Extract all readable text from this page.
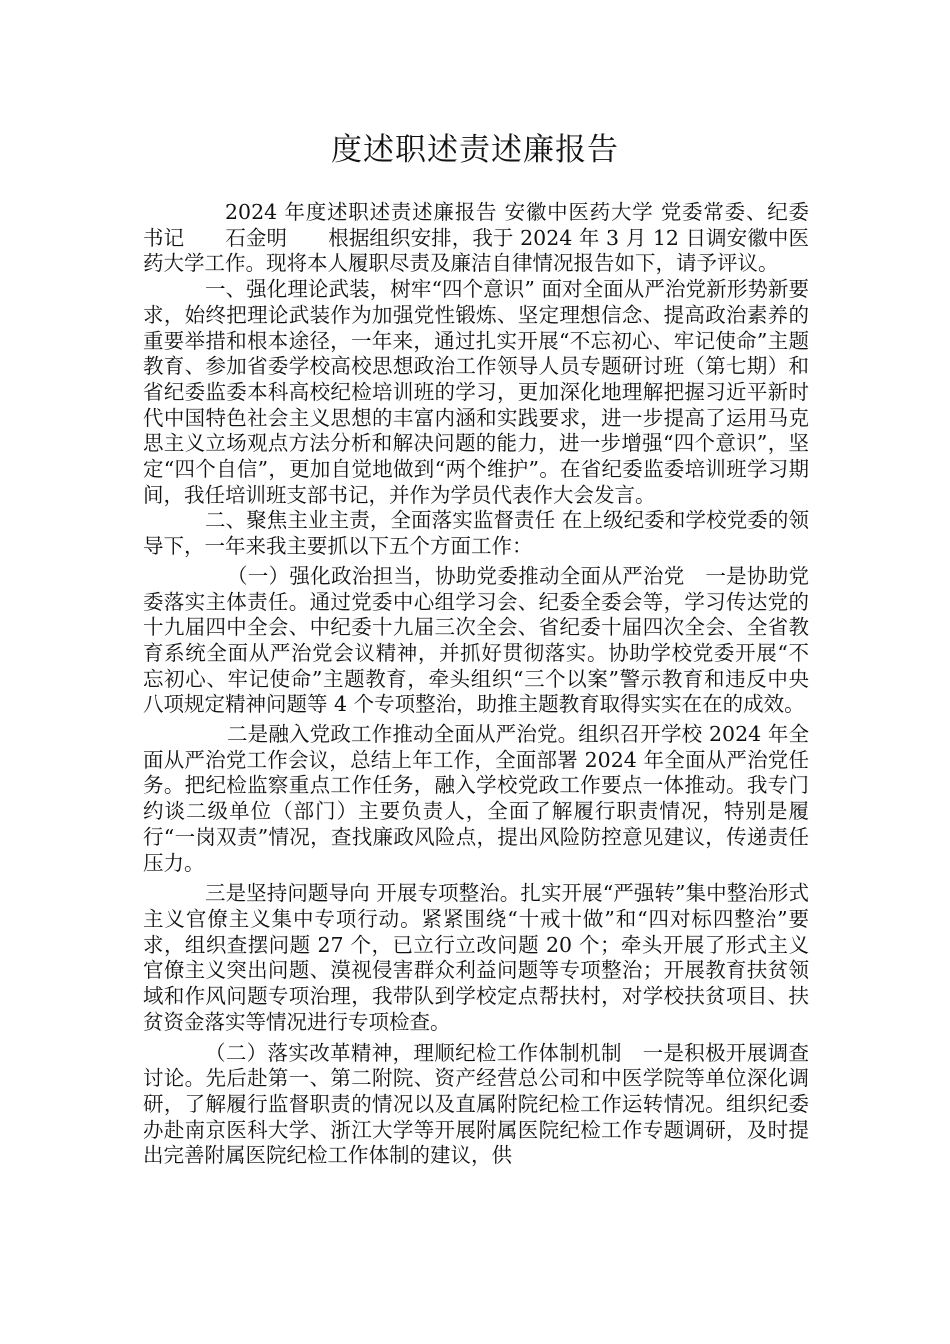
度述职述责述廉报告

2024 年度述职述责述廉报告 安徽中医药大学 党委常委、纪委书记　　石金明　　根据组织安排，我于 2024 年 3 月 12 日调安徽中医药大学工作。现将本人履职尽责及廉洁自律情况报告如下，请予评议。

一、强化理论武装，树牢“四个意识” 面对全面从严治党新形势新要求，始终把理论武装作为加强党性锻炼、坚定理想信念、提高政治素养的重要举措和根本途径，一年来，通过扎实开展“不忘初心、牢记使命”主题教育、参加省委学校高校思想政治工作领导人员专题研讨班（第七期）和省纪委监委本科高校纪检培训班的学习，更加深化地理解把握习近平新时代中国特色社会主义思想的丰富内涵和实践要求，进一步提高了运用马克思主义立场观点方法分析和解决问题的能力，进一步增强“四个意识”，坚定“四个自信”，更加自觉地做到“两个维护”。在省纪委监委培训班学习期间，我任培训班支部书记，并作为学员代表作大会发言。

二、聚焦主业主责，全面落实监督责任 在上级纪委和学校党委的领导下，一年来我主要抓以下五个方面工作：

（一）强化政治担当，协助党委推动全面从严治党　一是协助党委落实主体责任。通过党委中心组学习会、纪委全委会等，学习传达党的十九届四中全会、中纪委十九届三次全会、省纪委十届四次全会、全省教育系统全面从严治党会议精神，并抓好贯彻落实。协助学校党委开展“不忘初心、牢记使命”主题教育，牵头组织“三个以案”警示教育和违反中央八项规定精神问题等 4 个专项整治，助推主题教育取得实实在在的成效。

二是融入党政工作推动全面从严治党。组织召开学校 2024 年全面从严治党工作会议，总结上年工作，全面部署 2024 年全面从严治党任务。把纪检监察重点工作任务，融入学校党政工作要点一体推动。我专门约谈二级单位（部门）主要负责人，全面了解履行职责情况，特别是履行“一岗双责”情况，查找廉政风险点，提出风险防控意见建议，传递责任压力。

三是坚持问题导向 开展专项整治。扎实开展“严强转”集中整治形式主义官僚主义集中专项行动。紧紧围绕“十戒十做”和“四对标四整治”要求，组织查摆问题 27 个，已立行立改问题 20 个；牵头开展了形式主义官僚主义突出问题、漠视侵害群众利益问题等专项整治；开展教育扶贫领域和作风问题专项治理，我带队到学校定点帮扶村，对学校扶贫项目、扶贫资金落实等情况进行专项检查。

（二）落实改革精神，理顺纪检工作体制机制　一是积极开展调查讨论。先后赴第一、第二附院、资产经营总公司和中医学院等单位深化调研，了解履行监督职责的情况以及直属附院纪检工作运转情况。组织纪委办赴南京医科大学、浙江大学等开展附属医院纪检工作专题调研，及时提出完善附属医院纪检工作体制的建议，供
